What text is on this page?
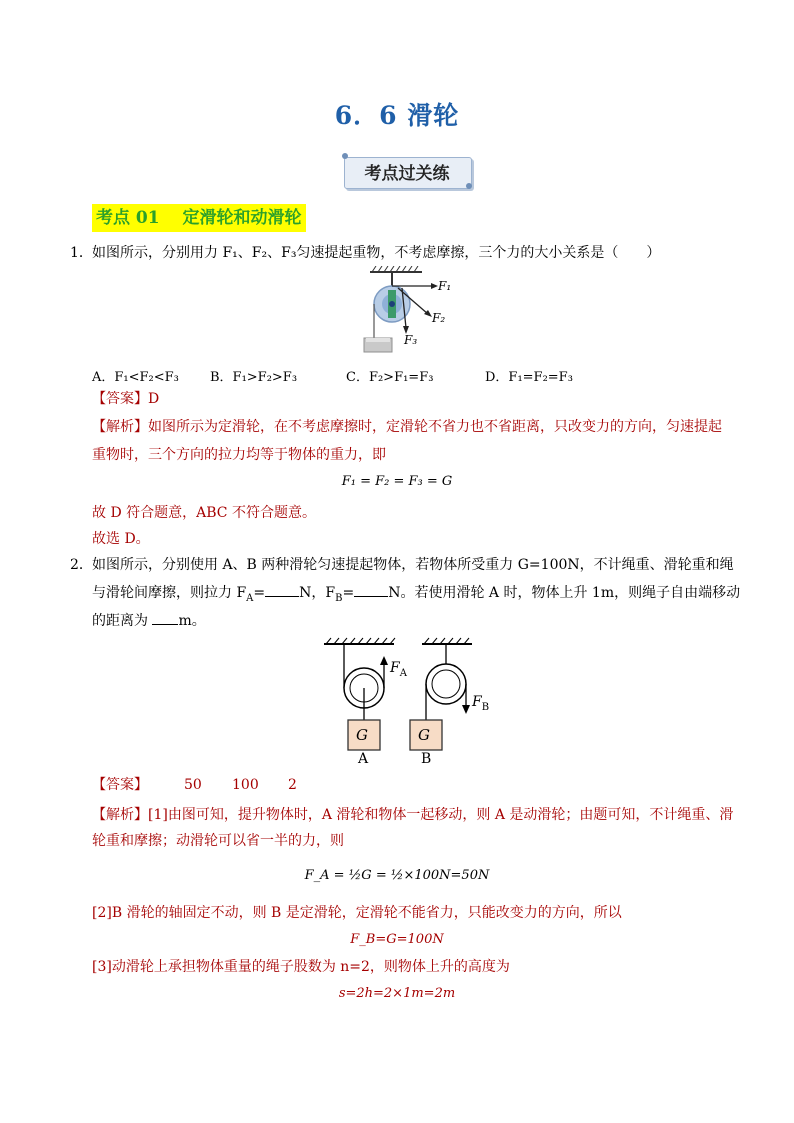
6．6 滑轮
考点过关练
考点 01　 定滑轮和动滑轮
1． 如图所示，分别用力 F₁、F₂、F₃匀速提起重物，不考虑摩擦，三个力的大小关系是（　　）
F₁
F₂
F₃
A．F₁<F₂<F₃ B．F₁>F₂>F₃	C．F₂>F₁=F₃	D．F₁=F₂=F₃
【答案】D
【解析】如图所示为定滑轮，在不考虑摩擦时，定滑轮不省力也不省距离，只改变力的方向，匀速提起
重物时，三个方向的拉力均等于物体的重力，即
F₁ = F₂ = F₃ = G
故 D 符合题意，ABC 不符合题意。
故选 D。
2． 如图所示，分别使用 A、B 两种滑轮匀速提起物体，若物体所受重力 G=100N，不计绳重、滑轮重和绳
与滑轮间摩擦，则拉力 $F_A= N$，$F_B= N$。若使用滑轮 A 时，物体上升 1m，则绳子自由端移动
的距离为 m。
$F_A$
$F_B$
G	G
A	B
【答案】	50 100 2
【解析】[1]由图可知，提升物体时，A 滑轮和物体一起移动，则 A 是动滑轮；由题可知，不计绳重、滑
轮重和摩擦；动滑轮可以省一半的力，则
F_A = ½G = ½×100N=50N
[2]B 滑轮的轴固定不动，则 B 是定滑轮，定滑轮不能省力，只能改变力的方向，所以
F_B=G=100N
[3]动滑轮上承担物体重量的绳子股数为 n=2，则物体上升的高度为
s=2h=2×1m=2m
